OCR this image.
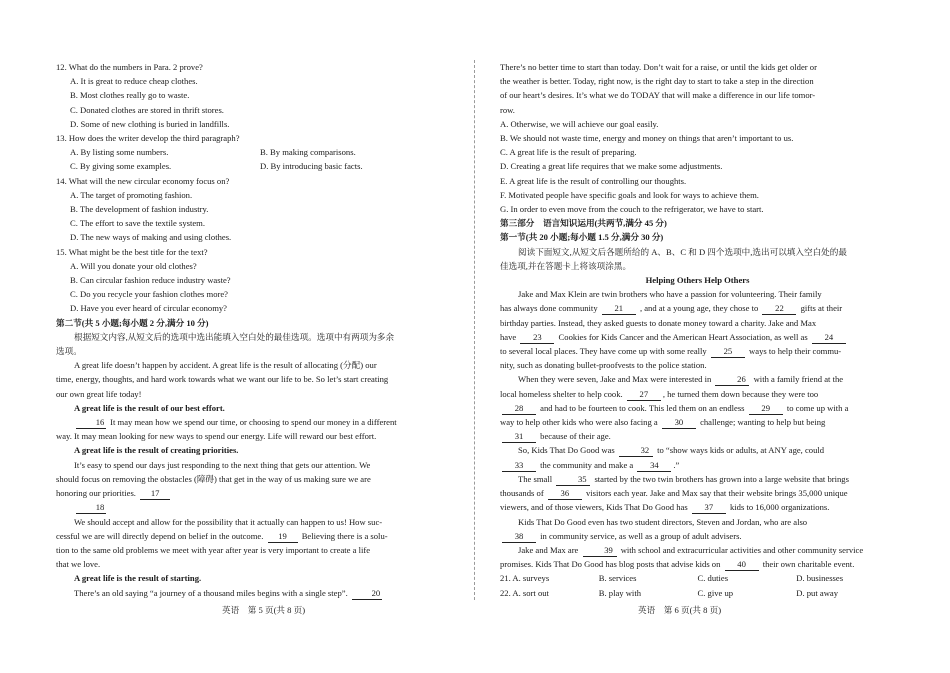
12. What do the numbers in Para. 2 prove?
A. It is great to reduce cheap clothes.
B. Most clothes really go to waste.
C. Donated clothes are stored in thrift stores.
D. Some of new clothing is buried in landfills.
13. How does the writer develop the third paragraph?
A. By listing some numbers.	B. By making comparisons.
C. By giving some examples.	D. By introducing basic facts.
14. What will the new circular economy focus on?
A. The target of promoting fashion.
B. The development of fashion industry.
C. The effort to save the textile system.
D. The new ways of making and using clothes.
15. What might be the best title for the text?
A. Will you donate your old clothes?
B. Can circular fashion reduce industry waste?
C. Do you recycle your fashion clothes more?
D. Have you ever heard of circular economy?
第二节(共 5 小题;每小题 2 分,满分 10 分)
根据短文内容,从短文后的选项中选出能填入空白处的最佳选项。选项中有两项为多余
选项。
A great life doesn’t happen by accident. A great life is the result of allocating (分配) our
time, energy, thoughts, and hard work towards what we want our life to be. So let’s start creating
our own great life today!
A great life is the result of our best effort.
16 It may mean how we spend our time, or choosing to spend our money in a different
way. It may mean looking for new ways to spend our energy. Life will reward our best effort.
A great life is the result of creating priorities.
It’s easy to spend our days just responding to the next thing that gets our attention. We
should focus on removing the obstacles (障碍) that get in the way of us making sure we are
honoring our priorities. 17
18
We should accept and allow for the possibility that it actually can happen to us! How suc-
cessful we are will directly depend on belief in the outcome. 19 Believing there is a solu-
tion to the same old problems we meet with year after year is very important to create a life
that we love.
A great life is the result of starting.
There’s an old saying “a journey of a thousand miles begins with a single step”.	20
There’s no better time to start than today. Don’t wait for a raise, or until the kids get older or
the weather is better. Today, right now, is the right day to start to take a step in the direction
of our heart’s desires. It’s what we do TODAY that will make a difference in our life tomor-
row.
A. Otherwise, we will achieve our goal easily.
B. We should not waste time, energy and money on things that aren’t important to us.
C. A great life is the result of preparing.
D. Creating a great life requires that we make some adjustments.
E. A great life is the result of controlling our thoughts.
F. Motivated people have specific goals and look for ways to achieve them.
G. In order to even move from the couch to the refrigerator, we have to start.
第三部分　语言知识运用(共两节,满分 45 分)
第一节(共 20 小题;每小题 1.5 分,满分 30 分)
阅读下面短文,从短文后各题所给的 A、B、C 和 D 四个选项中,选出可以填入空白处的最
佳选项,并在答题卡上将该项涂黑。
Helping Others Help Others
Jake and Max Klein are twin brothers who have a passion for volunteering. Their family
has always done community 21 , and at a young age, they chose to 22 gifts at their
birthday parties. Instead, they asked guests to donate money toward a charity. Jake and Max
have 23 Cookies for Kids Cancer and the American Heart Association, as well as 24
to several local places. They have come up with some really 25 ways to help their commu-
nity, such as donating bullet-proofvests to the police station.
When they were seven, Jake and Max were interested in	26 with a family friend at the
local homeless shelter to help cook. 27 , he turned them down because they were too
28 and had to be fourteen to cook. This led them on an endless 29 to come up with a
way to help other kids who were also facing a 30 challenge; wanting to help but being
31 because of their age.
So, Kids That Do Good was	32 to “show ways kids or adults, at ANY age, could
33 the community and make a 34 .”
The small	35 started by the two twin brothers has grown into a large website that brings
thousands of 36 visitors each year. Jake and Max say that their website brings 35,000 unique
viewers, and of those viewers, Kids That Do Good has 37 kids to 16,000 organizations.
Kids That Do Good even has two student directors, Steven and Jordan, who are also
38 in community service, as well as a group of adult advisers.
Jake and Max are	39 with school and extracurricular activities and other community service
promises. Kids That Do Good has blog posts that advise kids on 40 their own charitable event.
21. A. surveys	B. services	C. duties	D. businesses
22. A. sort out	B. play with	C. give up	D. put away
英语　第 5 页(共 8 页)	英语　第 6 页(共 8 页)
